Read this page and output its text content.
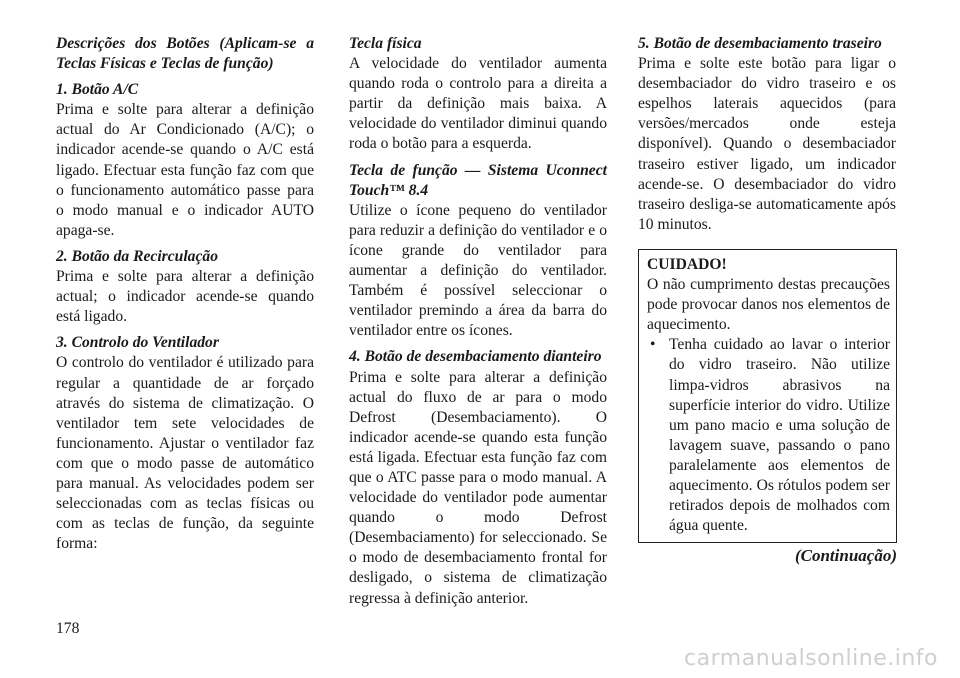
Descrições dos Botões (Aplicam-se a Teclas Físicas e Teclas de função)

1. Botão A/C

Prima e solte para alterar a definição actual do Ar Condicionado (A/C); o indicador acende-se quando o A/C está ligado. Efectuar esta função faz com que o funcionamento automático passe para o modo manual e o indicador AUTO apaga-se.

2. Botão da Recirculação

Prima e solte para alterar a definição actual; o indicador acende-se quando está ligado.

3. Controlo do Ventilador

O controlo do ventilador é utilizado para regular a quantidade de ar forçado através do sistema de climatização. O ventilador tem sete velocidades de funcionamento. Ajustar o ventilador faz com que o modo passe de automático para manual. As velocidades podem ser seleccionadas com as teclas físicas ou com as teclas de função, da seguinte forma:

Tecla física

A velocidade do ventilador aumenta quando roda o controlo para a direita a partir da definição mais baixa. A velocidade do ventilador diminui quando roda o botão para a esquerda.

Tecla de função — Sistema Uconnect Touch™ 8.4

Utilize o ícone pequeno do ventilador para reduzir a definição do ventilador e o ícone grande do ventilador para aumentar a definição do ventilador. Também é possível seleccionar o ventilador premindo a área da barra do ventilador entre os ícones.

4. Botão de desembaciamento dianteiro

Prima e solte para alterar a definição actual do fluxo de ar para o modo Defrost (Desembaciamento). O indicador acende-se quando esta função está ligada. Efectuar esta função faz com que o ATC passe para o modo manual. A velocidade do ventilador pode aumentar quando o modo Defrost (Desembaciamento) for seleccionado. Se o modo de desembaciamento frontal for desligado, o sistema de climatização regressa à definição anterior.

5. Botão de desembaciamento traseiro

Prima e solte este botão para ligar o desembaciador do vidro traseiro e os espelhos laterais aquecidos (para versões/mercados onde esteja disponível). Quando o desembaciador traseiro estiver ligado, um indicador acende-se. O desembaciador do vidro traseiro desliga-se automaticamente após 10 minutos.

CUIDADO!

O não cumprimento destas precauções pode provocar danos nos elementos de aquecimento.

• Tenha cuidado ao lavar o interior do vidro traseiro. Não utilize limpa-vidros abrasivos na superfície interior do vidro. Utilize um pano macio e uma solução de lavagem suave, passando o pano paralelamente aos elementos de aquecimento. Os rótulos podem ser retirados depois de molhados com água quente.
(Continuação)
178
carmanualsonline.info
